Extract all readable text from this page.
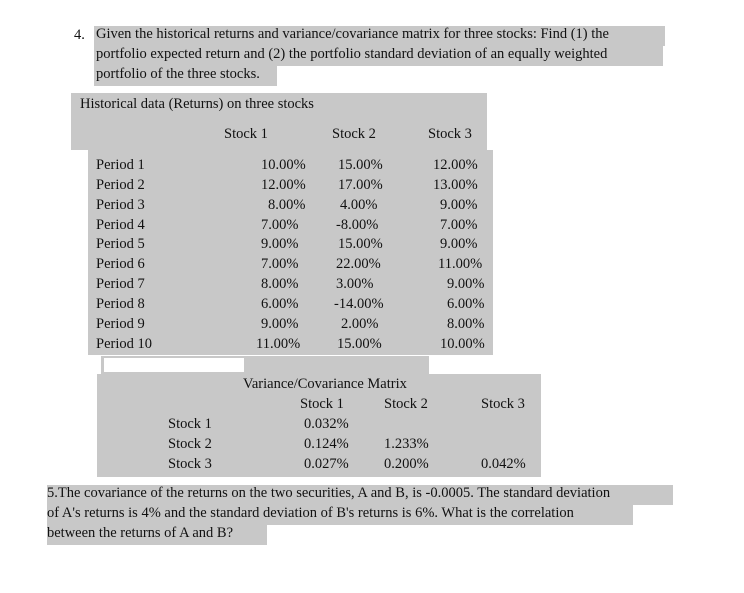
4. Given the historical returns and variance/covariance matrix for three stocks: Find (1) the
portfolio expected return and (2) the portfolio standard deviation of an equally weighted
portfolio of the three stocks.
Historical data (Returns) on three stocks
Stock 1	Stock 2	Stock 3
Period 1	10.00% 15.00%	12.00%
Period 2	12.00% 17.00%	13.00%
Period 3	8.00% 4.00%	9.00%
Period 4	7.00%	-8.00%	7.00%
Period 5	9.00%	15.00%	9.00%
Period 6	7.00%	22.00%	11.00%
Period 7	8.00%	3.00%	9.00%
Period 8	6.00% -14.00%	6.00%
Period 9	9.00%	2.00%	8.00%
Period 10	11.00%	15.00%	10.00%
Variance/Covariance Matrix
Stock 1	Stock 2	Stock 3
Stock 1	0.032%
Stock 2	0.124% 1.233%
Stock 3	0.027% 0.200%	0.042%
5.The covariance of the returns on the two securities, A and B, is -0.0005. The standard deviation
of A's returns is 4% and the standard deviation of B's returns is 6%. What is the correlation
between the returns of A and B?
